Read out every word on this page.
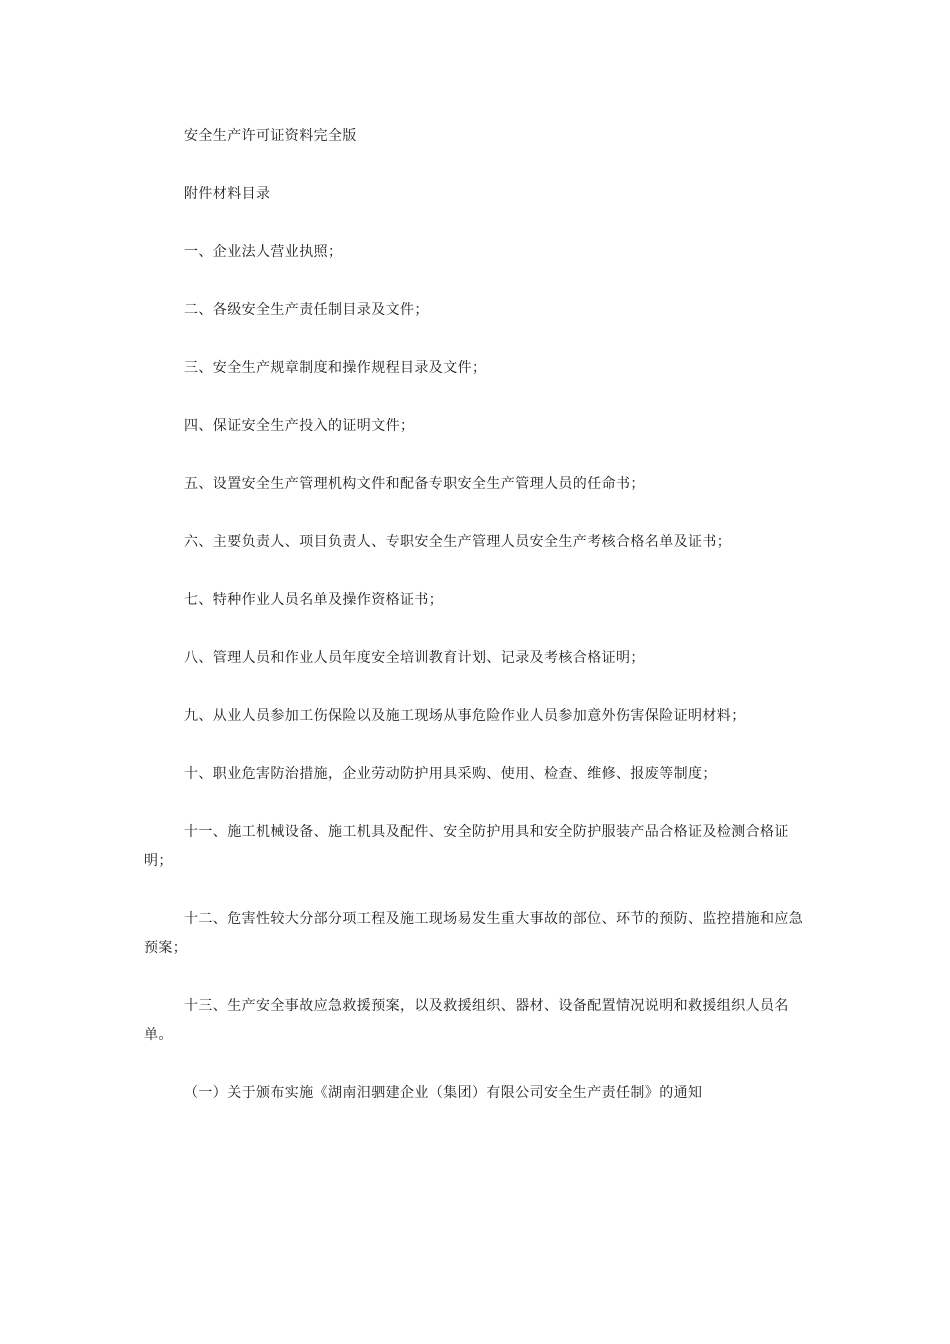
安全生产许可证资料完全版

附件材料目录

一、企业法人营业执照；

二、各级安全生产责任制目录及文件；

三、安全生产规章制度和操作规程目录及文件；

四、保证安全生产投入的证明文件；

五、设置安全生产管理机构文件和配备专职安全生产管理人员的任命书；

六、主要负责人、项目负责人、专职安全生产管理人员安全生产考核合格名单及证书；

七、特种作业人员名单及操作资格证书；

八、管理人员和作业人员年度安全培训教育计划、记录及考核合格证明；

九、从业人员参加工伤保险以及施工现场从事危险作业人员参加意外伤害保险证明材料；

十、职业危害防治措施，企业劳动防护用具采购、使用、检查、维修、报废等制度；

十一、施工机械设备、施工机具及配件、安全防护用具和安全防护服装产品合格证及检测合格证明；

十二、危害性较大分部分项工程及施工现场易发生重大事故的部位、环节的预防、监控措施和应急预案；

十三、生产安全事故应急救援预案，以及救援组织、器材、设备配置情况说明和救援组织人员名单。

（一）关于颁布实施《湖南汨驷建企业（集团）有限公司安全生产责任制》的通知
